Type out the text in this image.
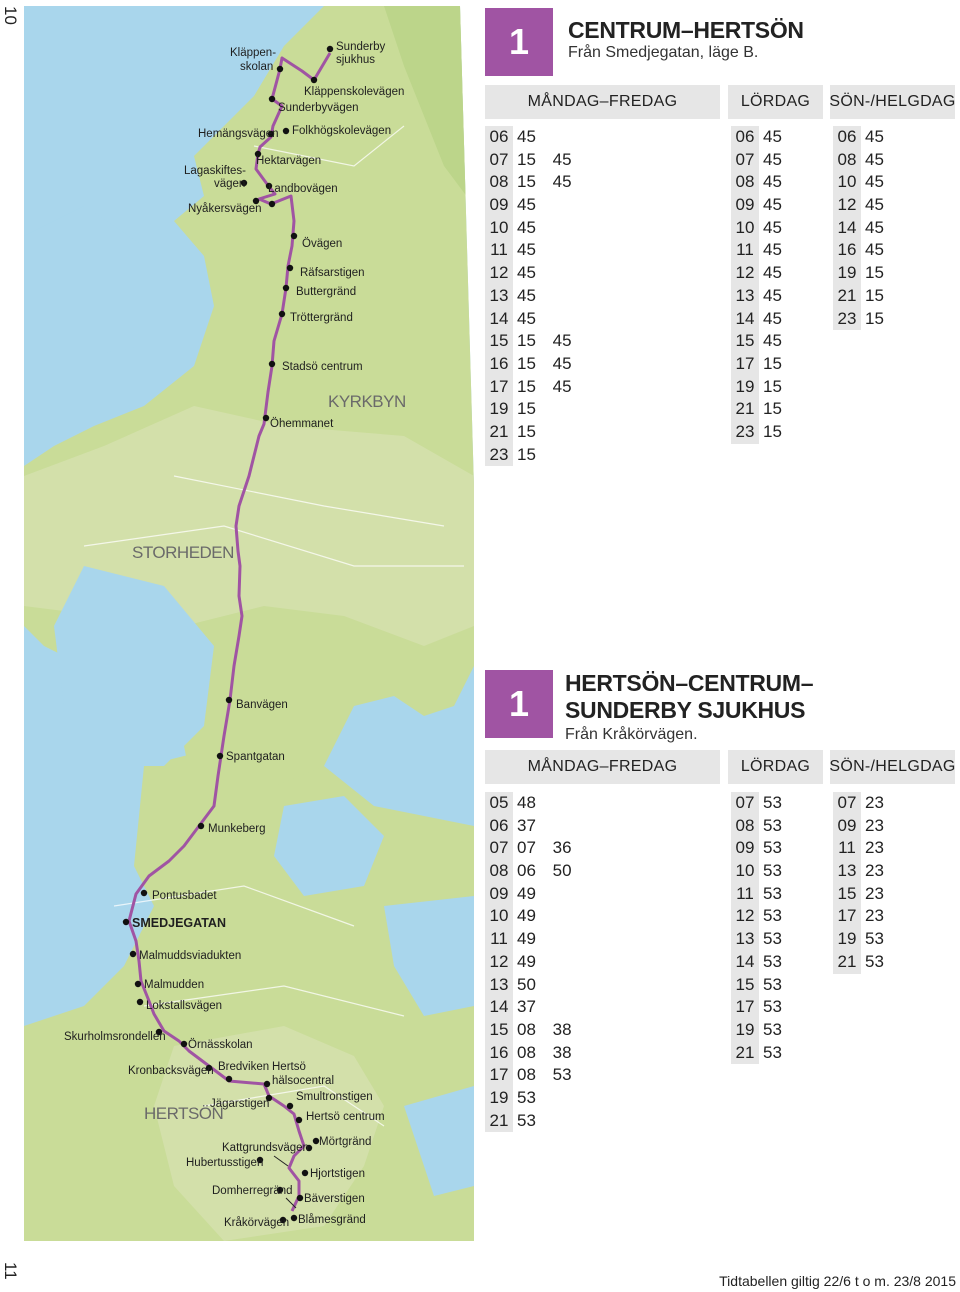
10
11
STORHEDEN
KYRKBYN
HERTSÖN
Sunderby
sjukhus
Kläppen-
skolan
Kläppenskolevägen
Sunderbyvägen
Hemängsvägen Folkhögskolevägen
Hektarvägen
Lagaskiftes-
vägen Landbovägen
Nyåkersvägen
Övägen
Räfsarstigen
Buttergränd
Tröttergränd
Stadsö centrum
Öhemmanet
Banvägen
Spantgatan
Munkeberg
Pontusbadet
SMEDJEGATAN
Malmuddsviadukten
Malmudden
Lokstallsvägen
Skurholmsrondellen
Örnässkolan
Kronbacksvägen Bredviken Hertsö
hälsocentral
Jägarstigen
Smultronstigen
Hertsö centrum
Kattgrundsvägen Mörtgränd
Hubertusstigen
Hjortstigen
Domherregränd
Bäverstigen
Kråkörvägen Blåmesgränd
1	CENTRUM–HERTSÖN
Från Smedjegatan, läge B.
MÅNDAG–FREDAG	LÖRDAG	SÖN-/HELGDAG
06 45
07 15 45
08 15 45
09 45
10 45
11 45
12 45
13 45
14 45
15 15 45
16 15 45
17 15 45
19 15
21 15
23 15
06 45
07 45
08 45
09 45
10 45
11 45
12 45
13 45
14 45
15 45
17 15
19 15
21 15
23 15
06 45
08 45
10 45
12 45
14 45
16 45
19 15
21 15
23 15
1	HERTSÖN–CENTRUM–
SUNDERBY SJUKHUS
Från Kråkörvägen.
MÅNDAG–FREDAG	LÖRDAG	SÖN-/HELGDAG
05 48
06 37
07 07 36
08 06 50
09 49
10 49
11 49
12 49
13 50
14 37
15 08 38
16 08 38
17 08 53
19 53
21 53
07 53
08 53
09 53
10 53
11 53
12 53
13 53
14 53
15 53
17 53
19 53
21 53
07 23
09 23
11 23
13 23
15 23
17 23
19 53
21 53
Tidtabellen giltig 22/6 t o m. 23/8 2015
